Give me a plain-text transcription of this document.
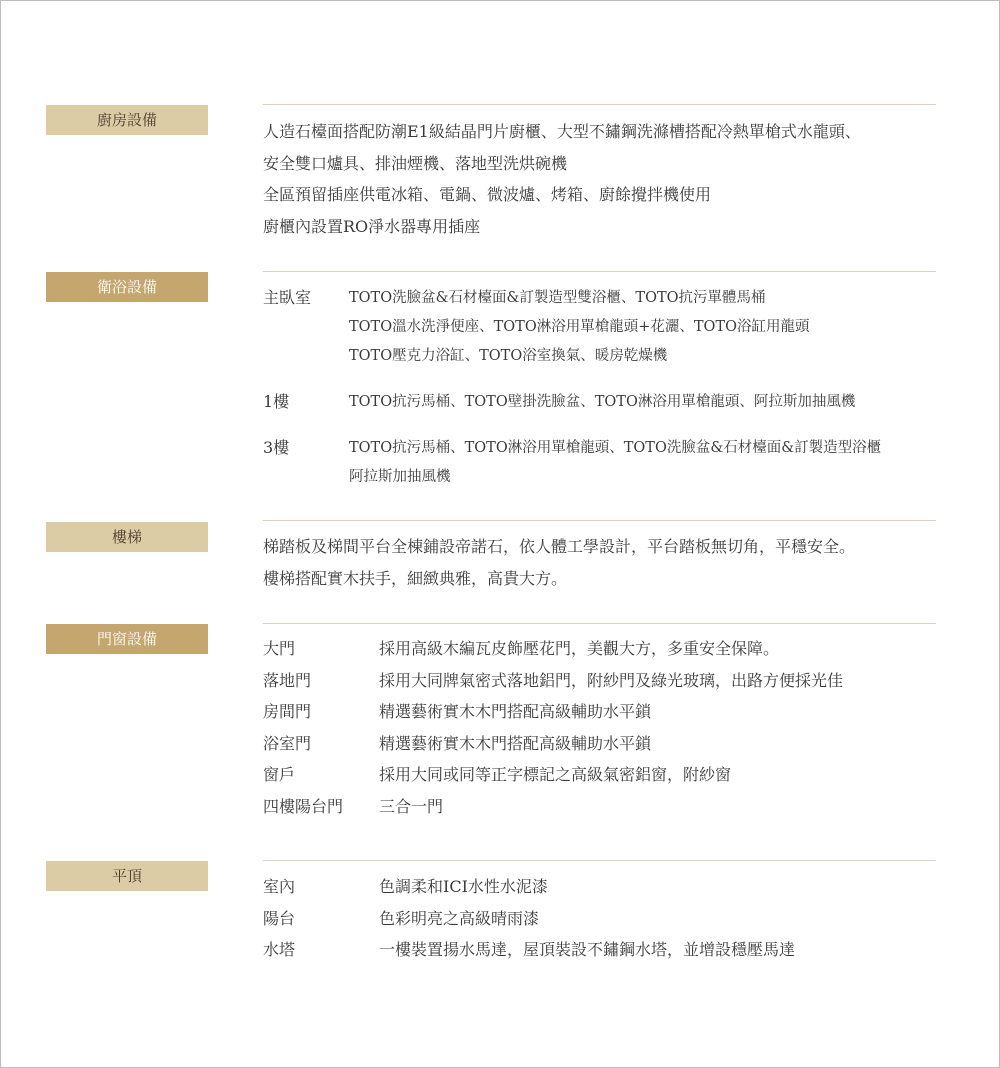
廚房設備
人造石檯面搭配防潮E1級結晶門片廚櫃、大型不鏽鋼洗滌槽搭配冷熱單槍式水龍頭、
安全雙口爐具、排油煙機、落地型洗烘碗機
全區預留插座供電冰箱、電鍋、微波爐、烤箱、廚餘攪拌機使用
廚櫃內設置RO淨水器專用插座
衛浴設備
主臥室	TOTO洗臉盆&石材檯面&訂製造型雙浴櫃、TOTO抗污單體馬桶
TOTO溫水洗淨便座、TOTO淋浴用單槍龍頭+花灑、TOTO浴缸用龍頭
TOTO壓克力浴缸、TOTO浴室換氣、暖房乾燥機
1樓	TOTO抗污馬桶、TOTO壁掛洗臉盆、TOTO淋浴用單槍龍頭、阿拉斯加抽風機
3樓	TOTO抗污馬桶、TOTO淋浴用單槍龍頭、TOTO洗臉盆&石材檯面&訂製造型浴櫃
阿拉斯加抽風機
樓梯	梯踏板及梯間平台全棟鋪設帝諾石，依人體工學設計，平台踏板無切角，平穩安全。
樓梯搭配實木扶手，細緻典雅，高貴大方。
門窗設備	大門	採用高級木編瓦皮飾壓花門，美觀大方，多重安全保障。
落地門	採用大同牌氣密式落地鋁門，附紗門及綠光玻璃，出路方便採光佳
房間門	精選藝術實木木門搭配高級輔助水平鎖
浴室門	精選藝術實木木門搭配高級輔助水平鎖
窗戶	採用大同或同等正字標記之高級氣密鋁窗，附紗窗
四樓陽台門	三合一門
平頂
室內	色調柔和ICI水性水泥漆
陽台	色彩明亮之高級晴雨漆
水塔	一樓裝置揚水馬達，屋頂裝設不鏽鋼水塔，並增設穩壓馬達
